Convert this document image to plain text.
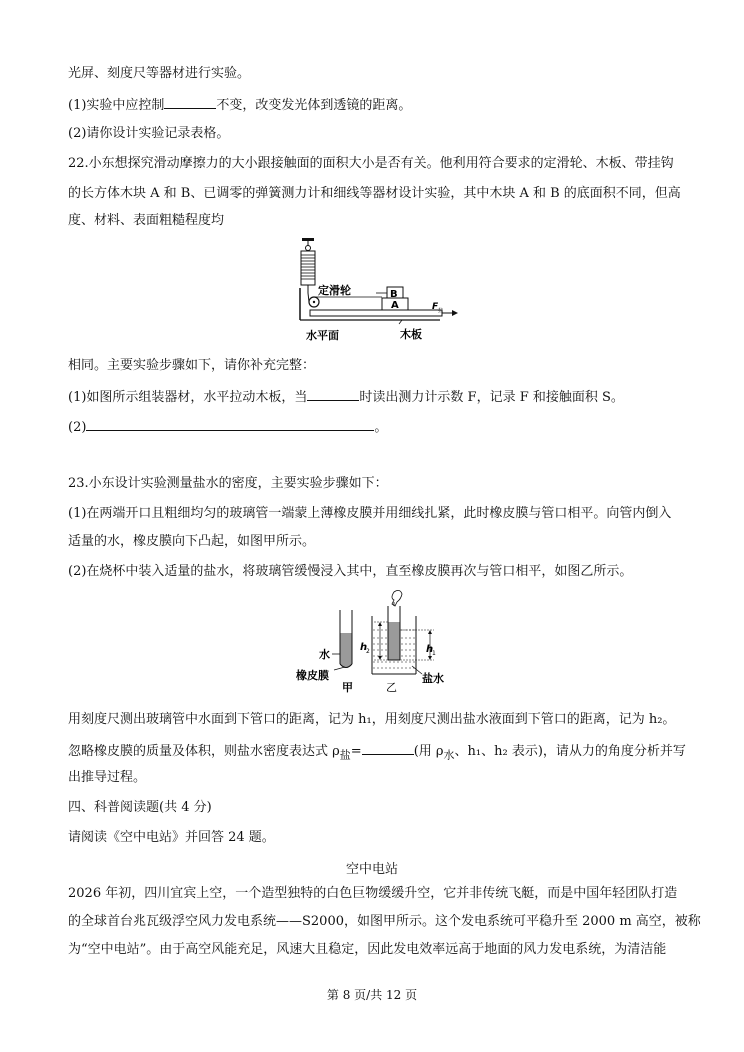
光屏、刻度尺等器材进行实验。
(1)实验中应控制	不变，改变发光体到透镜的距离。
(2)请你设计实验记录表格。
22.小东想探究滑动摩擦力的大小跟接触面的面积大小是否有关。他利用符合要求的定滑轮、木板、带挂钩
的长方体木块 A 和 B、已调零的弹簧测力计和细线等器材设计实验，其中木块 A 和 B 的底面积不同，但高
度、材料、表面粗糙程度均
A
B
F 拉
定滑轮
水平面	木板
相同。主要实验步骤如下，请你补充完整：
(1)如图所示组装器材，水平拉动木板，当	时读出测力计示数 F，记录 F 和接触面积 S。
(2)	。
23.小东设计实验测量盐水的密度，主要实验步骤如下：
(1)在两端开口且粗细均匀的玻璃管一端蒙上薄橡皮膜并用细线扎紧，此时橡皮膜与管口相平。向管内倒入
适量的水，橡皮膜向下凸起，如图甲所示。
(2)在烧杯中装入适量的盐水，将玻璃管缓慢浸入其中，直至橡皮膜再次与管口相平，如图乙所示。
水
橡皮膜
甲
h
2	h
1
盐水
乙
用刻度尺测出玻璃管中水面到下管口的距离，记为 h₁，用刻度尺测出盐水液面到下管口的距离，记为 h₂。
忽略橡皮膜的质量及体积，则盐水密度表达式 $\rho_盐=$	(用 $\rho_水$、h₁、h₂ 表示)，请从力的角度分析并写
出推导过程。
四、科普阅读题(共 4 分)
请阅读《空中电站》并回答 24 题。
空中电站
2026 年初，四川宜宾上空，一个造型独特的白色巨物缓缓升空，它并非传统飞艇，而是中国年轻团队打造
的全球首台兆瓦级浮空风力发电系统——S2000，如图甲所示。这个发电系统可平稳升至 2000 m 高空，被称
为“空中电站”。由于高空风能充足，风速大且稳定，因此发电效率远高于地面的风力发电系统，为清洁能
第 8 页/共 12 页
